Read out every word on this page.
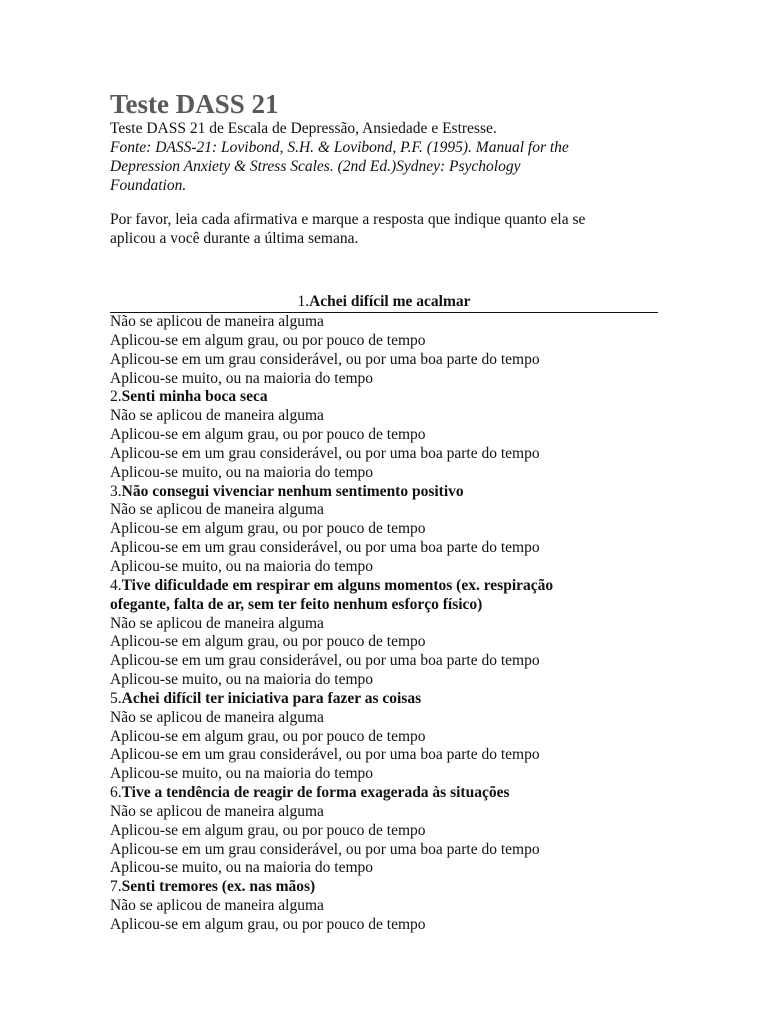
Teste DASS 21
Teste DASS 21 de Escala de Depressão, Ansiedade e Estresse.
Fonte: DASS-21: Lovibond, S.H. & Lovibond, P.F. (1995). Manual for the
Depression Anxiety & Stress Scales. (2nd Ed.)Sydney: Psychology
Foundation.
Por favor, leia cada afirmativa e marque a resposta que indique quanto ela se
aplicou a você durante a última semana.
1.Achei difícil me acalmar
Não se aplicou de maneira alguma
Aplicou-se em algum grau, ou por pouco de tempo
Aplicou-se em um grau considerável, ou por uma boa parte do tempo
Aplicou-se muito, ou na maioria do tempo
2.Senti minha boca seca
Não se aplicou de maneira alguma
Aplicou-se em algum grau, ou por pouco de tempo
Aplicou-se em um grau considerável, ou por uma boa parte do tempo
Aplicou-se muito, ou na maioria do tempo
3.Não consegui vivenciar nenhum sentimento positivo
Não se aplicou de maneira alguma
Aplicou-se em algum grau, ou por pouco de tempo
Aplicou-se em um grau considerável, ou por uma boa parte do tempo
Aplicou-se muito, ou na maioria do tempo
4.Tive dificuldade em respirar em alguns momentos (ex. respiração
ofegante, falta de ar, sem ter feito nenhum esforço físico)
Não se aplicou de maneira alguma
Aplicou-se em algum grau, ou por pouco de tempo
Aplicou-se em um grau considerável, ou por uma boa parte do tempo
Aplicou-se muito, ou na maioria do tempo
5.Achei difícil ter iniciativa para fazer as coisas
Não se aplicou de maneira alguma
Aplicou-se em algum grau, ou por pouco de tempo
Aplicou-se em um grau considerável, ou por uma boa parte do tempo
Aplicou-se muito, ou na maioria do tempo
6.Tive a tendência de reagir de forma exagerada às situações
Não se aplicou de maneira alguma
Aplicou-se em algum grau, ou por pouco de tempo
Aplicou-se em um grau considerável, ou por uma boa parte do tempo
Aplicou-se muito, ou na maioria do tempo
7.Senti tremores (ex. nas mãos)
Não se aplicou de maneira alguma
Aplicou-se em algum grau, ou por pouco de tempo
